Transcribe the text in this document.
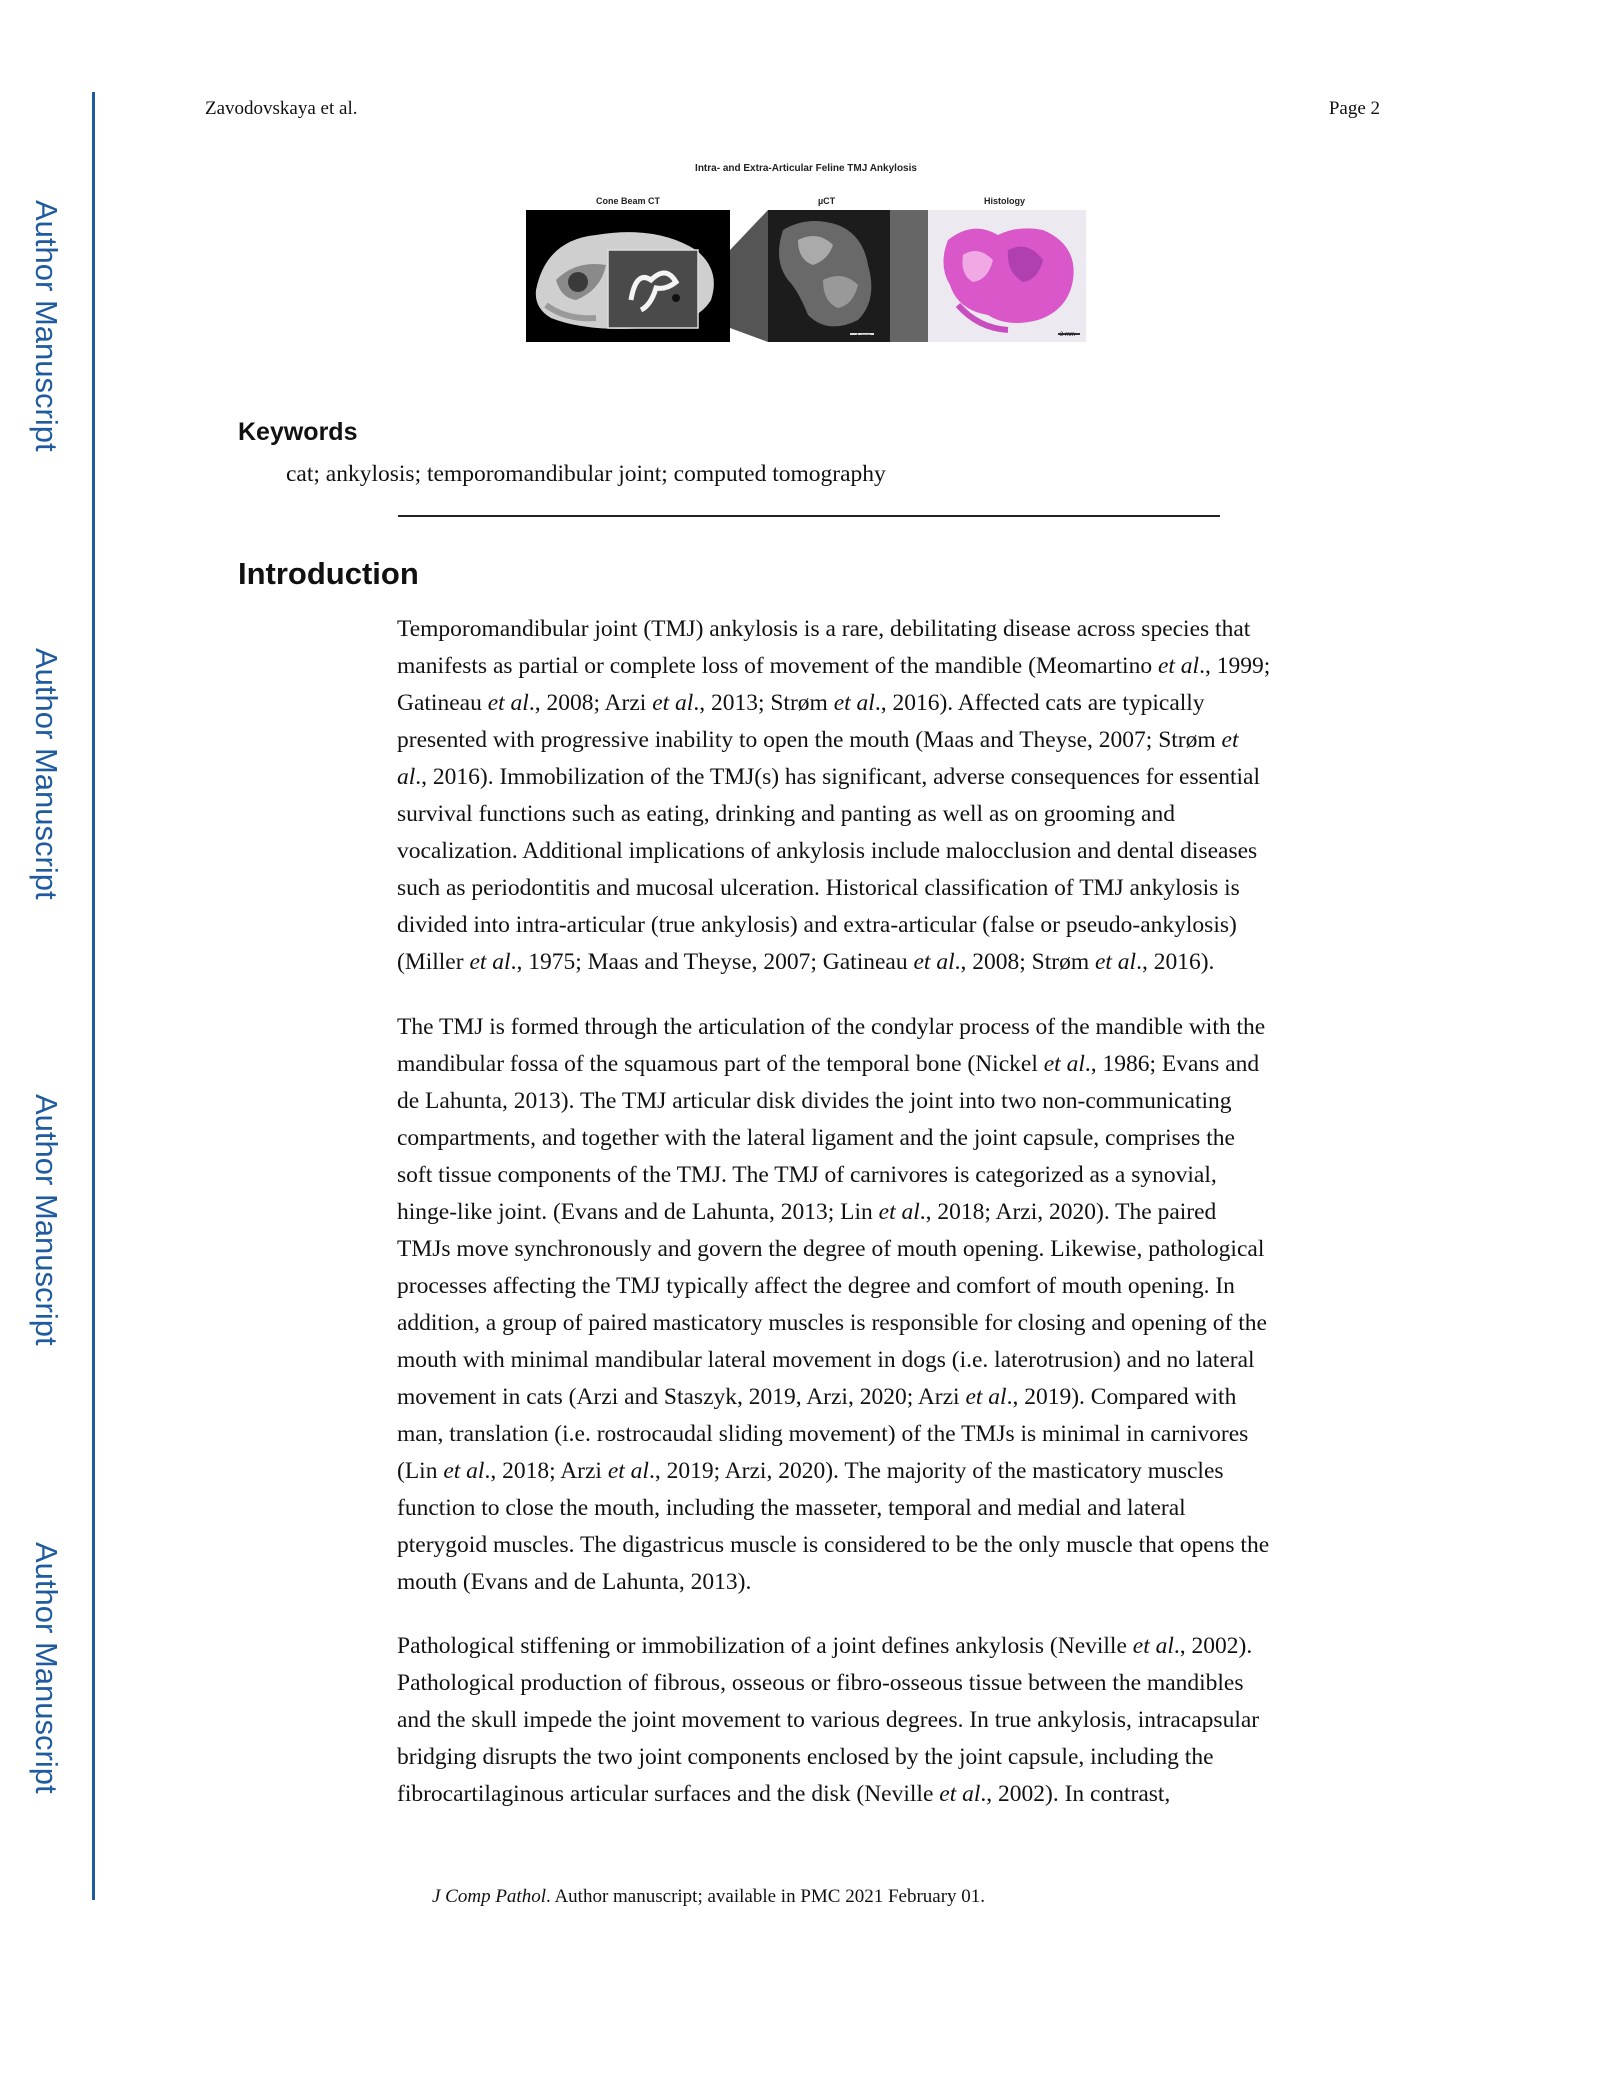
Author Manuscript
Author Manuscript
Author Manuscript
Author Manuscript
Zavodovskaya et al.	Page 2
Intra- and Extra-Articular Feline TMJ Ankylosis
Cone Beam CT	µCT	Histology
1 mm	2 mm
Keywords
cat; ankylosis; temporomandibular joint; computed tomography
Introduction
Temporomandibular joint (TMJ) ankylosis is a rare, debilitating disease across species that
manifests as partial or complete loss of movement of the mandible (Meomartino et al., 1999;
Gatineau et al., 2008; Arzi et al., 2013; Strøm et al., 2016). Affected cats are typically
presented with progressive inability to open the mouth (Maas and Theyse, 2007; Strøm et
al., 2016). Immobilization of the TMJ(s) has significant, adverse consequences for essential
survival functions such as eating, drinking and panting as well as on grooming and
vocalization. Additional implications of ankylosis include malocclusion and dental diseases
such as periodontitis and mucosal ulceration. Historical classification of TMJ ankylosis is
divided into intra-articular (true ankylosis) and extra-articular (false or pseudo-ankylosis)
(Miller et al., 1975; Maas and Theyse, 2007; Gatineau et al., 2008; Strøm et al., 2016).
The TMJ is formed through the articulation of the condylar process of the mandible with the
mandibular fossa of the squamous part of the temporal bone (Nickel et al., 1986; Evans and
de Lahunta, 2013). The TMJ articular disk divides the joint into two non-communicating
compartments, and together with the lateral ligament and the joint capsule, comprises the
soft tissue components of the TMJ. The TMJ of carnivores is categorized as a synovial,
hinge-like joint. (Evans and de Lahunta, 2013; Lin et al., 2018; Arzi, 2020). The paired
TMJs move synchronously and govern the degree of mouth opening. Likewise, pathological
processes affecting the TMJ typically affect the degree and comfort of mouth opening. In
addition, a group of paired masticatory muscles is responsible for closing and opening of the
mouth with minimal mandibular lateral movement in dogs (i.e. laterotrusion) and no lateral
movement in cats (Arzi and Staszyk, 2019, Arzi, 2020; Arzi et al., 2019). Compared with
man, translation (i.e. rostrocaudal sliding movement) of the TMJs is minimal in carnivores
(Lin et al., 2018; Arzi et al., 2019; Arzi, 2020). The majority of the masticatory muscles
function to close the mouth, including the masseter, temporal and medial and lateral
pterygoid muscles. The digastricus muscle is considered to be the only muscle that opens the
mouth (Evans and de Lahunta, 2013).
Pathological stiffening or immobilization of a joint defines ankylosis (Neville et al., 2002).
Pathological production of fibrous, osseous or fibro-osseous tissue between the mandibles
and the skull impede the joint movement to various degrees. In true ankylosis, intracapsular
bridging disrupts the two joint components enclosed by the joint capsule, including the
fibrocartilaginous articular surfaces and the disk (Neville et al., 2002). In contrast,
J Comp Pathol. Author manuscript; available in PMC 2021 February 01.
